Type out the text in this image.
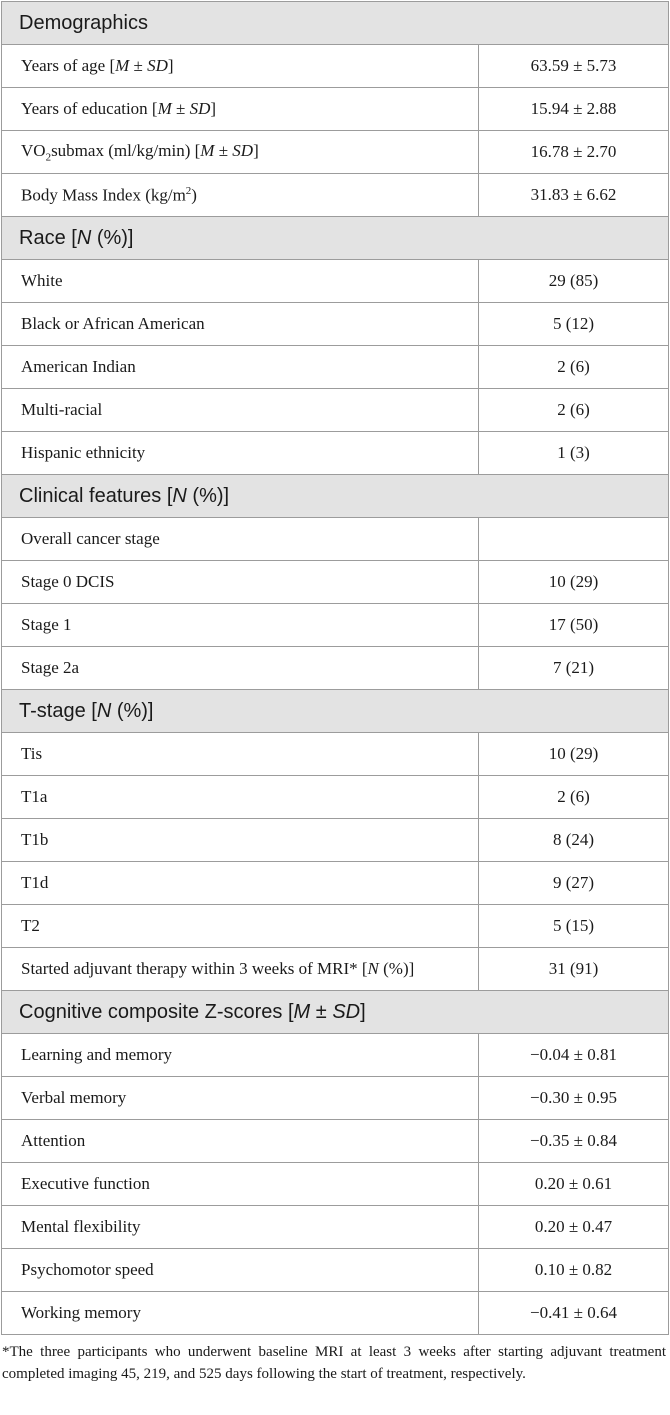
Demographics	
Years of age [M ± SD]	63.59 ± 5.73
Years of education [M ± SD]	15.94 ± 2.88
$VO_2submax$ (ml/kg/min) [M ± SD]	16.78 ± 2.70
Body Mass Index $(kg/m^2)$	31.83 ± 6.62
Race [N (%)]	
White	29 (85)
Black or African American	5 (12)
American Indian	2 (6)
Multi-racial	2 (6)
Hispanic ethnicity	1 (3)
Clinical features [N (%)]	
Overall cancer stage	
Stage 0 DCIS	10 (29)
Stage 1	17 (50)
Stage 2a	7 (21)
T-stage [N (%)]	
Tis	10 (29)
T1a	2 (6)
T1b	8 (24)
T1d	9 (27)
T2	5 (15)
Started adjuvant therapy within 3 weeks of MRI* [N (%)]	31 (91)
Cognitive composite Z-scores [M ± SD]	
Learning and memory	−0.04 ± 0.81
Verbal memory	−0.30 ± 0.95
Attention	−0.35 ± 0.84
Executive function	0.20 ± 0.61
Mental flexibility	0.20 ± 0.47
Psychomotor speed	0.10 ± 0.82
Working memory	−0.41 ± 0.64

*The three participants who underwent baseline MRI at least 3 weeks after starting adjuvant treatment completed imaging 45, 219, and 525 days following the start of treatment, respectively.
